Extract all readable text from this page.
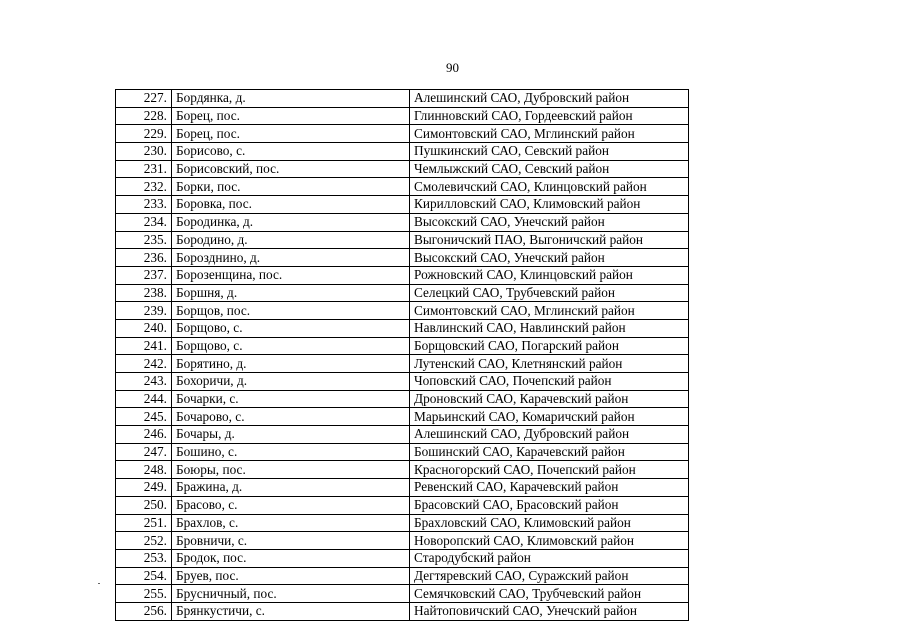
90
227.	Бордянка, д.	Алешинский САО, Дубровский район
228.	Борец, пос.	Глинновский САО, Гордеевский район
229.	Борец, пос.	Симонтовский САО, Мглинский район
230.	Борисово, с.	Пушкинский САО, Севский район
231.	Борисовский, пос.	Чемлыжский САО, Севский район
232.	Борки, пос.	Смолевичский САО, Клинцовский район
233.	Боровка, пос.	Кирилловский САО, Климовский район
234.	Бородинка, д.	Высокский САО, Унечский район
235.	Бородино, д.	Выгоничский ПАО, Выгоничский район
236.	Борозднино, д.	Высокский САО, Унечский район
237.	Борозенщина, пос.	Рожновский САО, Клинцовский район
238.	Боршня, д.	Селецкий САО, Трубчевский район
239.	Борщов, пос.	Симонтовский САО, Мглинский район
240.	Борщово, с.	Навлинский САО, Навлинский район
241.	Борщово, с.	Борщовский САО, Погарский район
242.	Борятино, д.	Лутенский САО, Клетнянский район
243.	Бохоричи, д.	Чоповский САО, Почепский район
244.	Бочарки, с.	Дроновский САО, Карачевский район
245.	Бочарово, с.	Марьинский САО, Комаричский район
246.	Бочары, д.	Алешинский САО, Дубровский район
247.	Бошино, с.	Бошинский САО, Карачевский район
248.	Боюры, пос.	Красногорский САО, Почепский район
249.	Бражина, д.	Ревенский САО, Карачевский район
250.	Брасово, с.	Брасовский САО, Брасовский район
251.	Брахлов, с.	Брахловский САО, Климовский район
252.	Бровничи, с.	Новоропский САО, Климовский район
253.	Бродок, пос.	Стародубский район
254.	Бруев, пос.	Дегтяревский САО, Суражский район
255.	Брусничный, пос.	Семячковский САО, Трубчевский район
256.	Брянкустичи, с.	Найтоповичский САО, Унечский район
